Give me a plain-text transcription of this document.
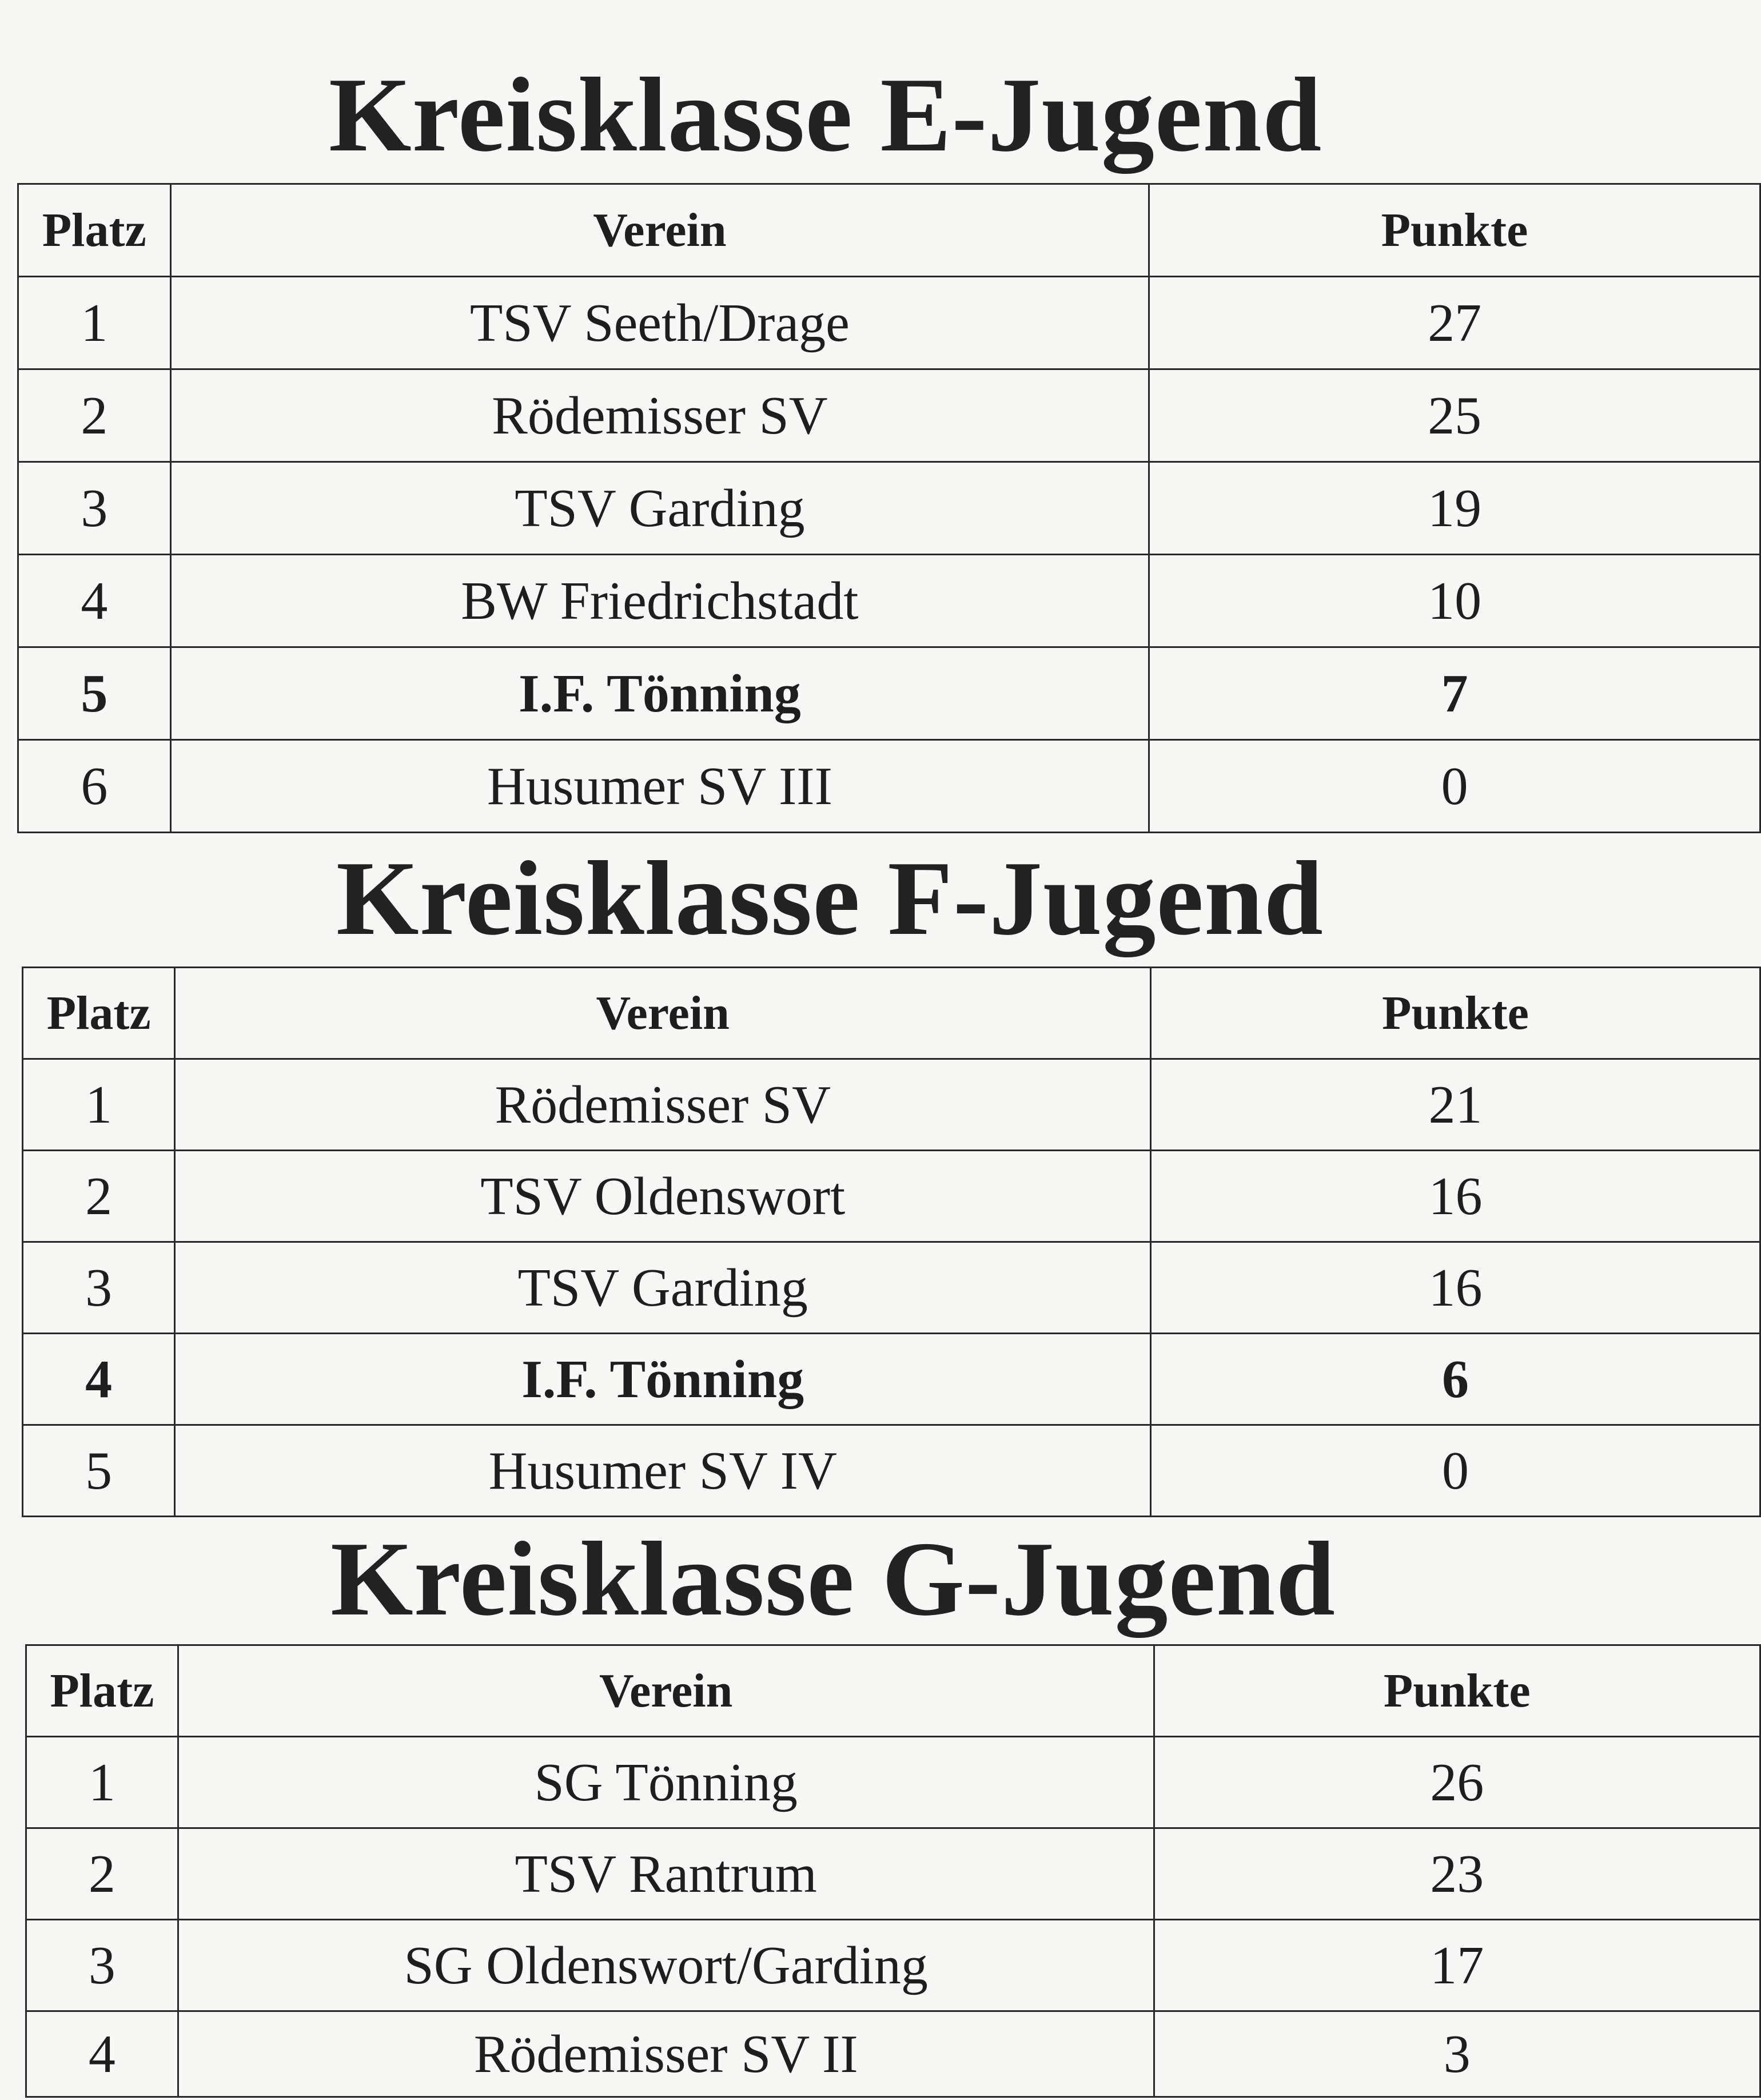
Kreisklasse E-Jugend
Platz	Verein	Punkte
1	TSV Seeth/Drage	27
2	Rödemisser SV	25
3	TSV Garding	19
4	BW Friedrichstadt	10
5	I.F. Tönning	7
6	Husumer SV III	0
Kreisklasse F-Jugend
Platz	Verein	Punkte
1	Rödemisser SV	21
2	TSV Oldenswort	16
3	TSV Garding	16
4	I.F. Tönning	6
5	Husumer SV IV	0
Kreisklasse G-Jugend
Platz	Verein	Punkte
1	SG Tönning	26
2	TSV Rantrum	23
3	SG Oldenswort/Garding	17
4	Rödemisser SV II	3
